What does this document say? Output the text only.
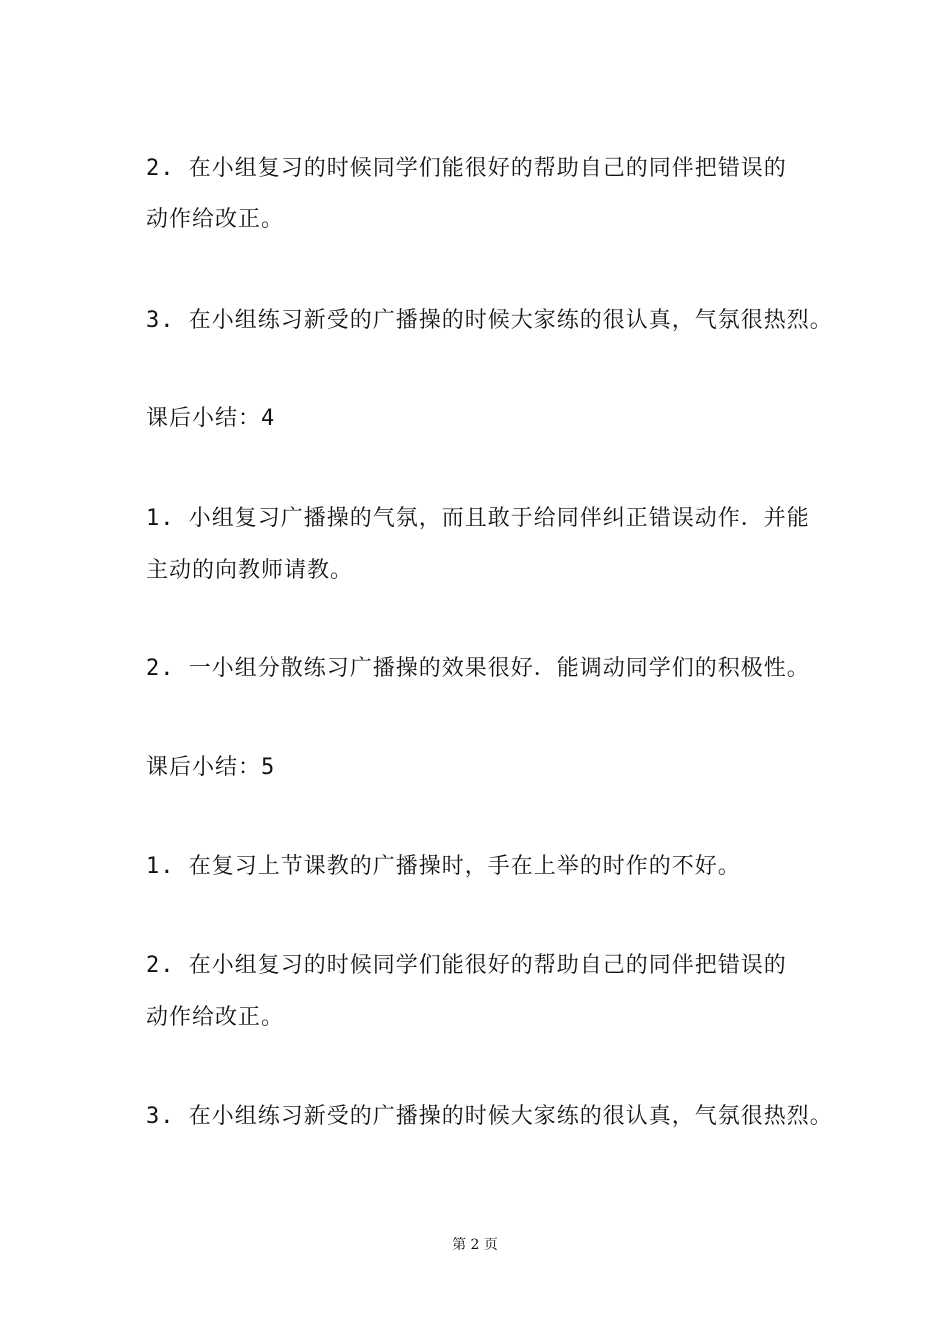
2. 在小组复习的时候同学们能很好的帮助自己的同伴把错误的
动作给改正。
3. 在小组练习新受的广播操的时候大家练的很认真，气氛很热烈。
课后小结：4
1. 小组复习广播操的气氛，而且敢于给同伴纠正错误动作．并能
主动的向教师请教。
2. 一小组分散练习广播操的效果很好．能调动同学们的积极性。
课后小结：5
1. 在复习上节课教的广播操时，手在上举的时作的不好。
2. 在小组复习的时候同学们能很好的帮助自己的同伴把错误的
动作给改正。
3. 在小组练习新受的广播操的时候大家练的很认真，气氛很热烈。
第 2 页
